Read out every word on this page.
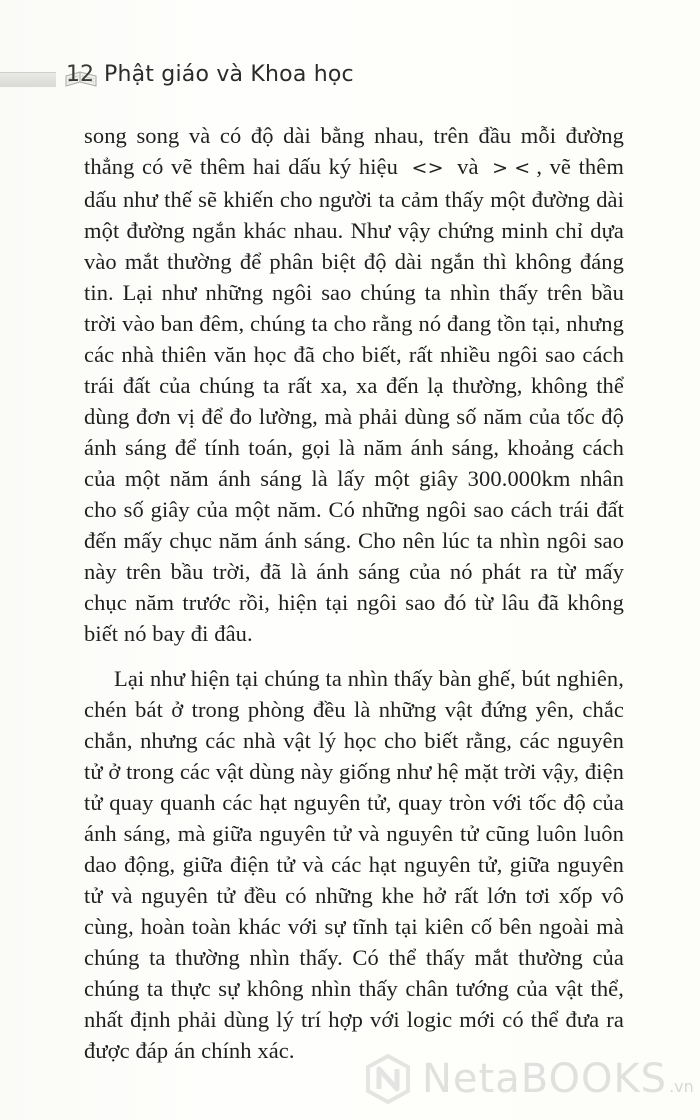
12 Phật giáo và Khoa học

song song và có độ dài bằng nhau, trên đầu mỗi đường thẳng có vẽ thêm hai dấu ký hiệu <> và > < , vẽ thêm dấu như thế sẽ khiến cho người ta cảm thấy một đường dài một đường ngắn khác nhau. Như vậy chứng minh chỉ dựa vào mắt thường để phân biệt độ dài ngắn thì không đáng tin. Lại như những ngôi sao chúng ta nhìn thấy trên bầu trời vào ban đêm, chúng ta cho rằng nó đang tồn tại, nhưng các nhà thiên văn học đã cho biết, rất nhiều ngôi sao cách trái đất của chúng ta rất xa, xa đến lạ thường, không thể dùng đơn vị để đo lường, mà phải dùng số năm của tốc độ ánh sáng để tính toán, gọi là năm ánh sáng, khoảng cách của một năm ánh sáng là lấy một giây 300.000km nhân cho số giây của một năm. Có những ngôi sao cách trái đất đến mấy chục năm ánh sáng. Cho nên lúc ta nhìn ngôi sao này trên bầu trời, đã là ánh sáng của nó phát ra từ mấy chục năm trước rồi, hiện tại ngôi sao đó từ lâu đã không biết nó bay đi đâu.

Lại như hiện tại chúng ta nhìn thấy bàn ghế, bút nghiên, chén bát ở trong phòng đều là những vật đứng yên, chắc chắn, nhưng các nhà vật lý học cho biết rằng, các nguyên tử ở trong các vật dùng này giống như hệ mặt trời vậy, điện tử quay quanh các hạt nguyên tử, quay tròn với tốc độ của ánh sáng, mà giữa nguyên tử và nguyên tử cũng luôn luôn dao động, giữa điện tử và các hạt nguyên tử, giữa nguyên tử và nguyên tử đều có những khe hở rất lớn tơi xốp vô cùng, hoàn toàn khác với sự tĩnh tại kiên cố bên ngoài mà chúng ta thường nhìn thấy. Có thể thấy mắt thường của chúng ta thực sự không nhìn thấy chân tướng của vật thể, nhất định phải dùng lý trí hợp với logic mới có thể đưa ra được đáp án chính xác.

NetaBOOKS .vn
